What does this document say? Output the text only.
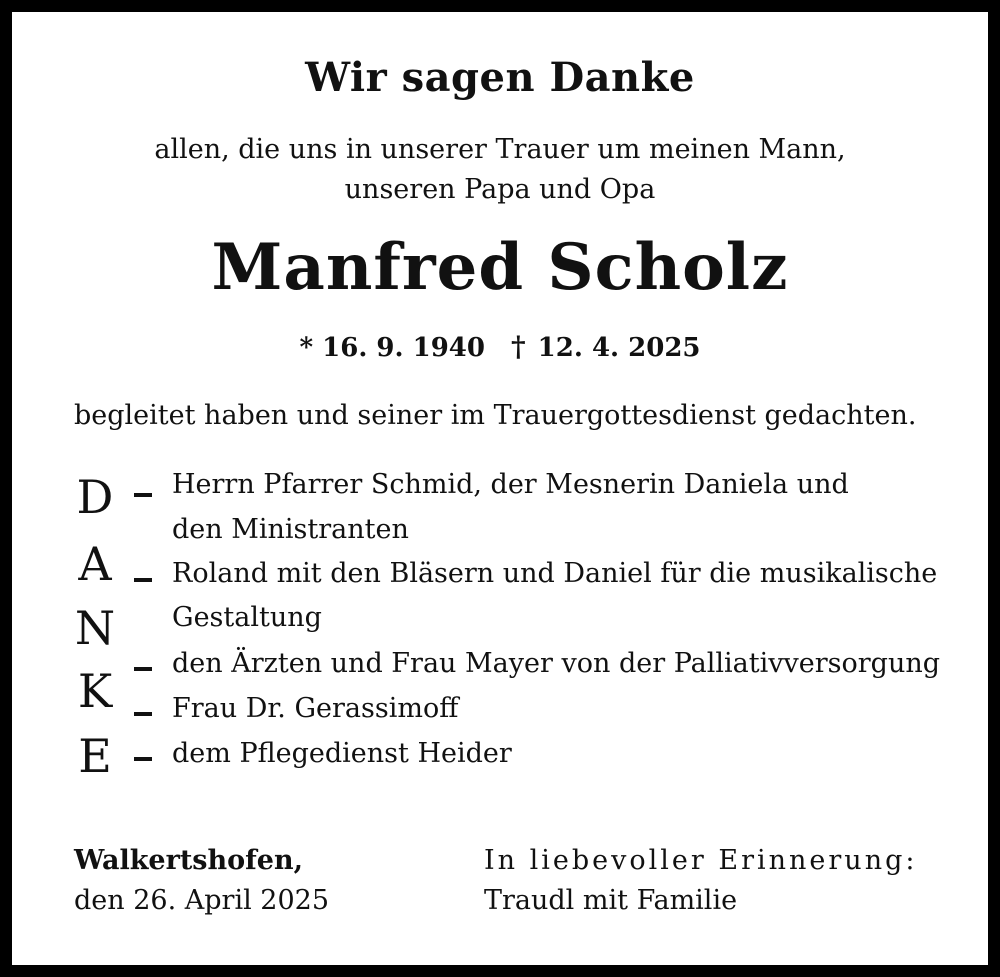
Wir sagen Danke
allen, die uns in unserer Trauer um meinen Mann,
unseren Papa und Opa
Manfred Scholz
* 16. 9. 1940 † 12. 4. 2025
begleitet haben und seiner im Trauergottesdienst gedachten.
D
A
N
K
E
Herrn Pfarrer Schmid, der Mesnerin Daniela und
den Ministranten
Roland mit den Bläsern und Daniel für die musikalische
Gestaltung
den Ärzten und Frau Mayer von der Palliativversorgung
Frau Dr. Gerassimoff
dem Pflegedienst Heider
Walkertshofen,
den 26. April 2025
In liebevoller Erinnerung:
Traudl mit Familie
